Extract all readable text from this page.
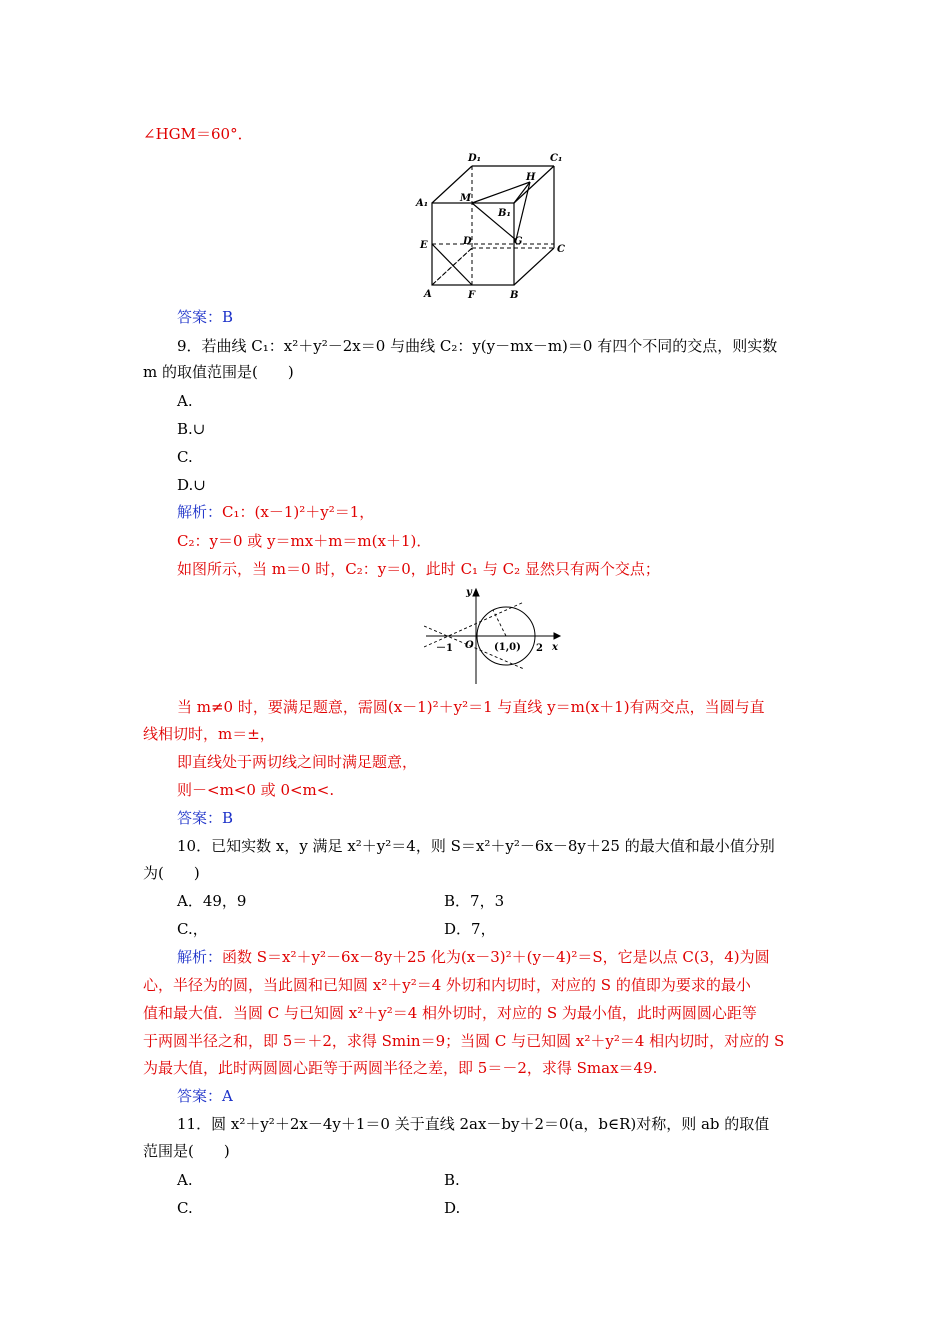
∠HGM＝60°．
D₁	C₁
A₁	M
H
B₁
E	D	G
C
A	F	B
答案：B
9．若曲线 C₁：x²＋y²－2x＝0 与曲线 C₂：y(y－mx－m)＝0 有四个不同的交点，则实数
m 的取值范围是(　　)
A.
B.∪
C.
D.∪
解析：C₁：(x－1)²＋y²＝1，
C₂：y＝0 或 y＝mx＋m＝m(x＋1)．
如图所示，当 m＝0 时，C₂：y＝0，此时 C₁ 与 C₂ 显然只有两个交点；
y
x
－1 O (1,0) 2
当 m≠0 时，要满足题意，需圆(x－1)²＋y²＝1 与直线 y＝m(x＋1)有两交点，当圆与直
线相切时，m＝±，
即直线处于两切线之间时满足题意，
则－<m<0 或 0<m<.
答案：B
10．已知实数 x，y 满足 x²＋y²＝4，则 S＝x²＋y²－6x－8y＋25 的最大值和最小值分别
为(　　)
A．49，9	B．7，3
C.，	D．7，
解析：函数 S＝x²＋y²－6x－8y＋25 化为(x－3)²＋(y－4)²＝S，它是以点 C(3，4)为圆
心，半径为的圆，当此圆和已知圆 x²＋y²＝4 外切和内切时，对应的 S 的值即为要求的最小
值和最大值．当圆 C 与已知圆 x²＋y²＝4 相外切时，对应的 S 为最小值，此时两圆圆心距等
于两圆半径之和，即 5＝＋2，求得 Smin＝9；当圆 C 与已知圆 x²＋y²＝4 相内切时，对应的 S
为最大值，此时两圆圆心距等于两圆半径之差，即 5＝－2，求得 Smax＝49.
答案：A
11．圆 x²＋y²＋2x－4y＋1＝0 关于直线 2ax－by＋2＝0(a，b∈R)对称，则 ab 的取值
范围是(　　)
A.	B.
C.	D.
